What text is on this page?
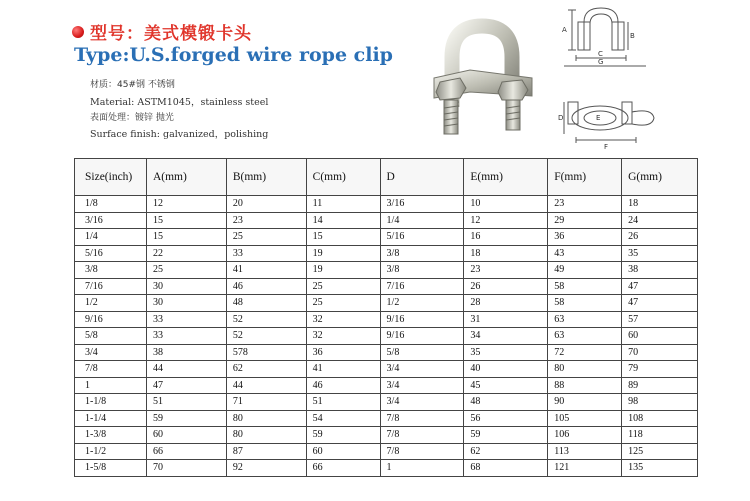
型号：美式模锻卡头
Type:U.S.forged wire rope clip
材质：45#钢 不锈钢
Material: ASTM1045，stainless steel
表面处理：镀锌 抛光
Surface finish: galvanized，polishing
A
B
C
G
D	E
F
Size(inch)	A(mm)	B(mm)	C(mm)	D	E(mm)	F(mm)	G(mm)
1/8	12	20	11	3/16	10	23	18
3/16	15	23	14	1/4	12	29	24
1/4	15	25	15	5/16	16	36	26
5/16	22	33	19	3/8	18	43	35
3/8	25	41	19	3/8	23	49	38
7/16	30	46	25	7/16	26	58	47
1/2	30	48	25	1/2	28	58	47
9/16	33	52	32	9/16	31	63	57
5/8	33	52	32	9/16	34	63	60
3/4	38	578	36	5/8	35	72	70
7/8	44	62	41	3/4	40	80	79
1	47	44	46	3/4	45	88	89
1-1/8	51	71	51	3/4	48	90	98
1-1/4	59	80	54	7/8	56	105	108
1-3/8	60	80	59	7/8	59	106	118
1-1/2	66	87	60	7/8	62	113	125
1-5/8	70	92	66	1	68	121	135
